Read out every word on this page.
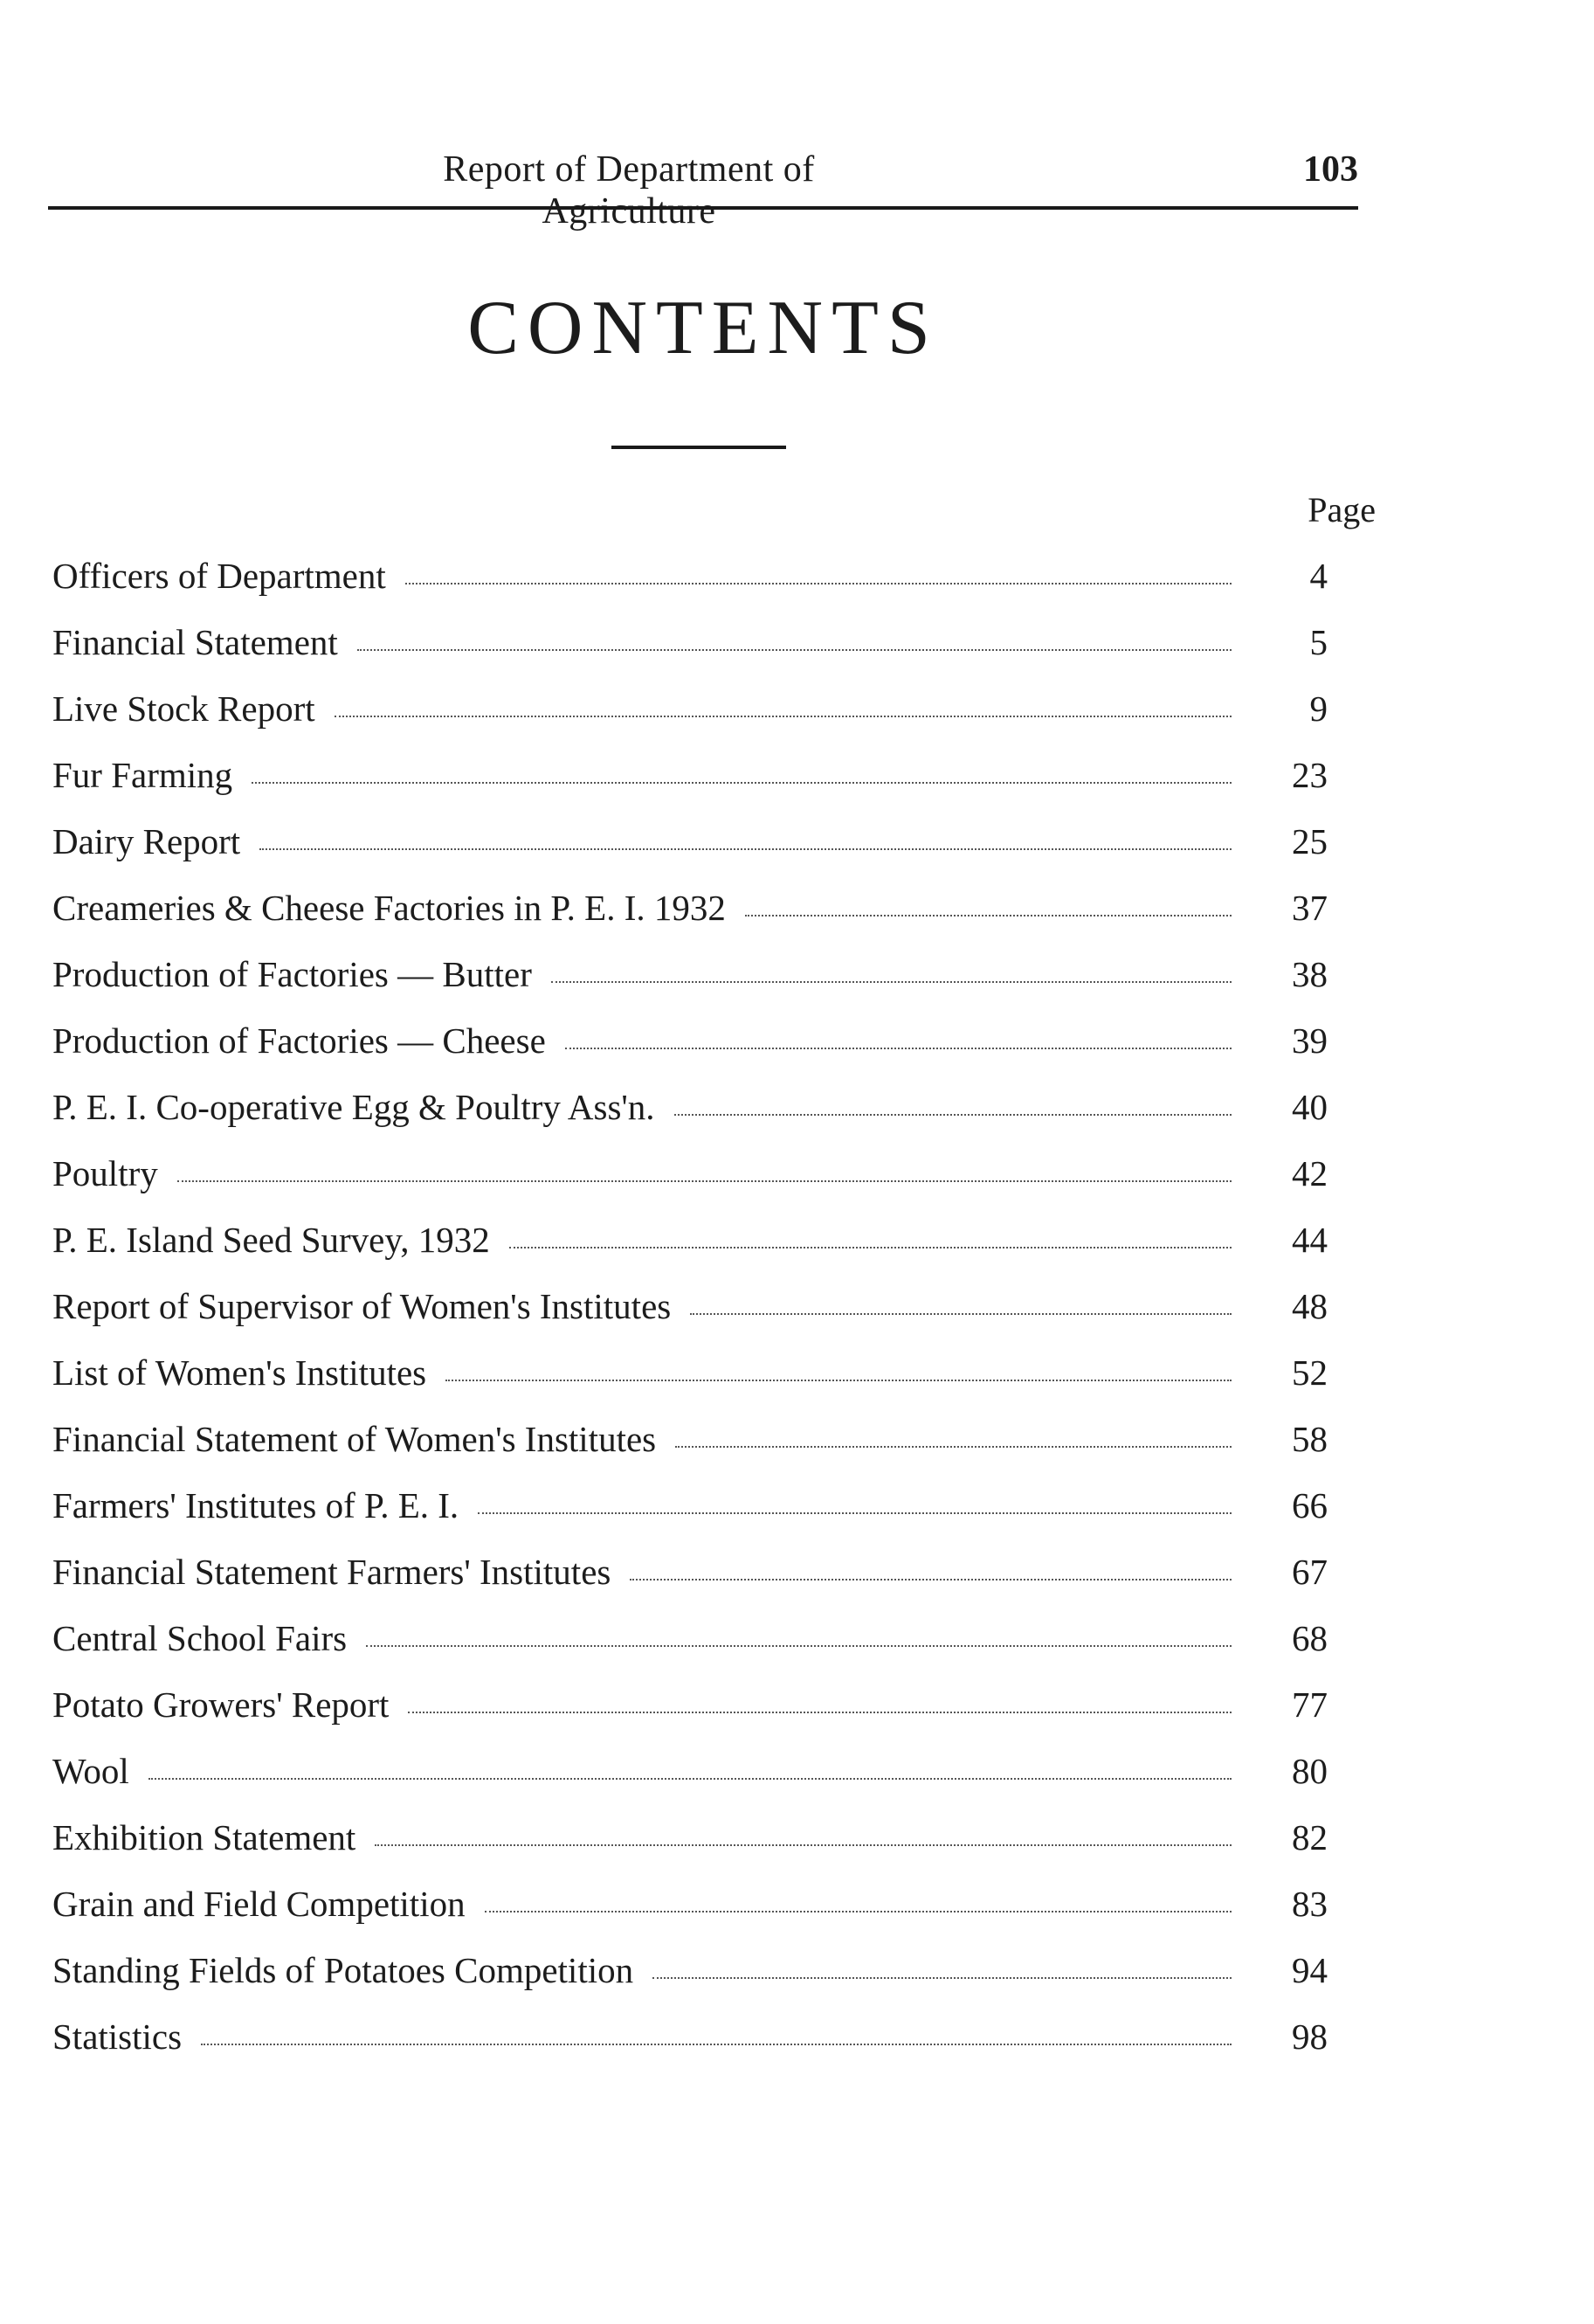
Report of Department of Agriculture
103
CONTENTS
Page
Officers of Department	4
Financial Statement	5
Live Stock Report	9
Fur Farming	23
Dairy Report	25
Creameries & Cheese Factories in P. E. I. 1932	37
Production of Factories — Butter	38
Production of Factories — Cheese	39
P. E. I. Co-operative Egg & Poultry Ass'n.	40
Poultry	42
P. E. Island Seed Survey, 1932	44
Report of Supervisor of Women's Institutes	48
List of Women's Institutes	52
Financial Statement of Women's Institutes	58
Farmers' Institutes of P. E. I.	66
Financial Statement Farmers' Institutes	67
Central School Fairs	68
Potato Growers' Report	77
Wool	80
Exhibition Statement	82
Grain and Field Competition	83
Standing Fields of Potatoes Competition	94
Statistics	98
